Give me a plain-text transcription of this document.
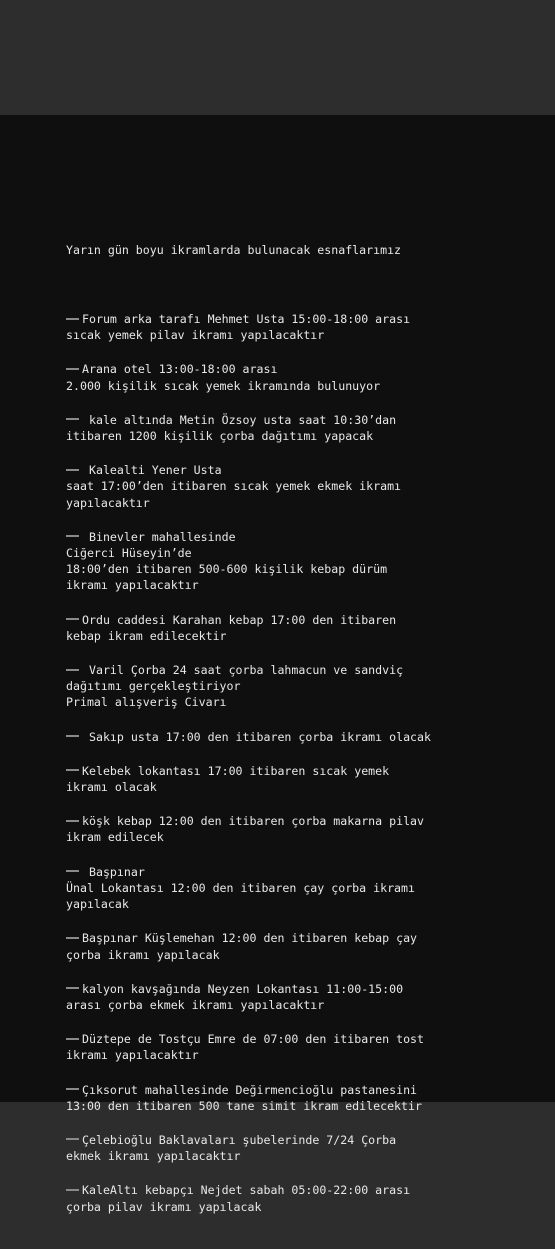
Yarın gün boyu ikramlarda bulunacak esnaflarımız

Forum arka tarafı Mehmet Usta 15:00-18:00 arası
sıcak yemek pilav ikramı yapılacaktır
Arana otel 13:00-18:00 arası
2.000 kişilik sıcak yemek ikramında bulunuyor
kale altında Metin Özsoy usta saat 10:30’dan
itibaren 1200 kişilik çorba dağıtımı yapacak
Kalealti Yener Usta
saat 17:00’den itibaren sıcak yemek ekmek ikramı
yapılacaktır
Binevler mahallesinde
Ciğerci Hüseyin’de
18:00’den itibaren 500-600 kişilik kebap dürüm
ikramı yapılacaktır
Ordu caddesi Karahan kebap 17:00 den itibaren
kebap ikram edilecektir
Varil Çorba 24 saat çorba lahmacun ve sandviç
dağıtımı gerçekleştiriyor
Primal alışveriş Civarı
Sakıp usta 17:00 den itibaren çorba ikramı olacak
Kelebek lokantası 17:00 itibaren sıcak yemek
ikramı olacak
köşk kebap 12:00 den itibaren çorba makarna pilav
ikram edilecek
Başpınar
Ünal Lokantası 12:00 den itibaren çay çorba ikramı
yapılacak
Başpınar Küşlemehan 12:00 den itibaren kebap çay
çorba ikramı yapılacak
kalyon kavşağında Neyzen Lokantası 11:00-15:00
arası çorba ekmek ikramı yapılacaktır
Düztepe de Tostçu Emre de 07:00 den itibaren tost
ikramı yapılacaktır
Çıksorut mahallesinde Değirmencioğlu pastanesini
13:00 den itibaren 500 tane simit ikram edilecektir
Çelebioğlu Baklavaları şubelerinde 7/24 Çorba
ekmek ikramı yapılacaktır
KaleAltı kebapçı Nejdet sabah 05:00-22:00 arası
çorba pilav ikramı yapılacak
